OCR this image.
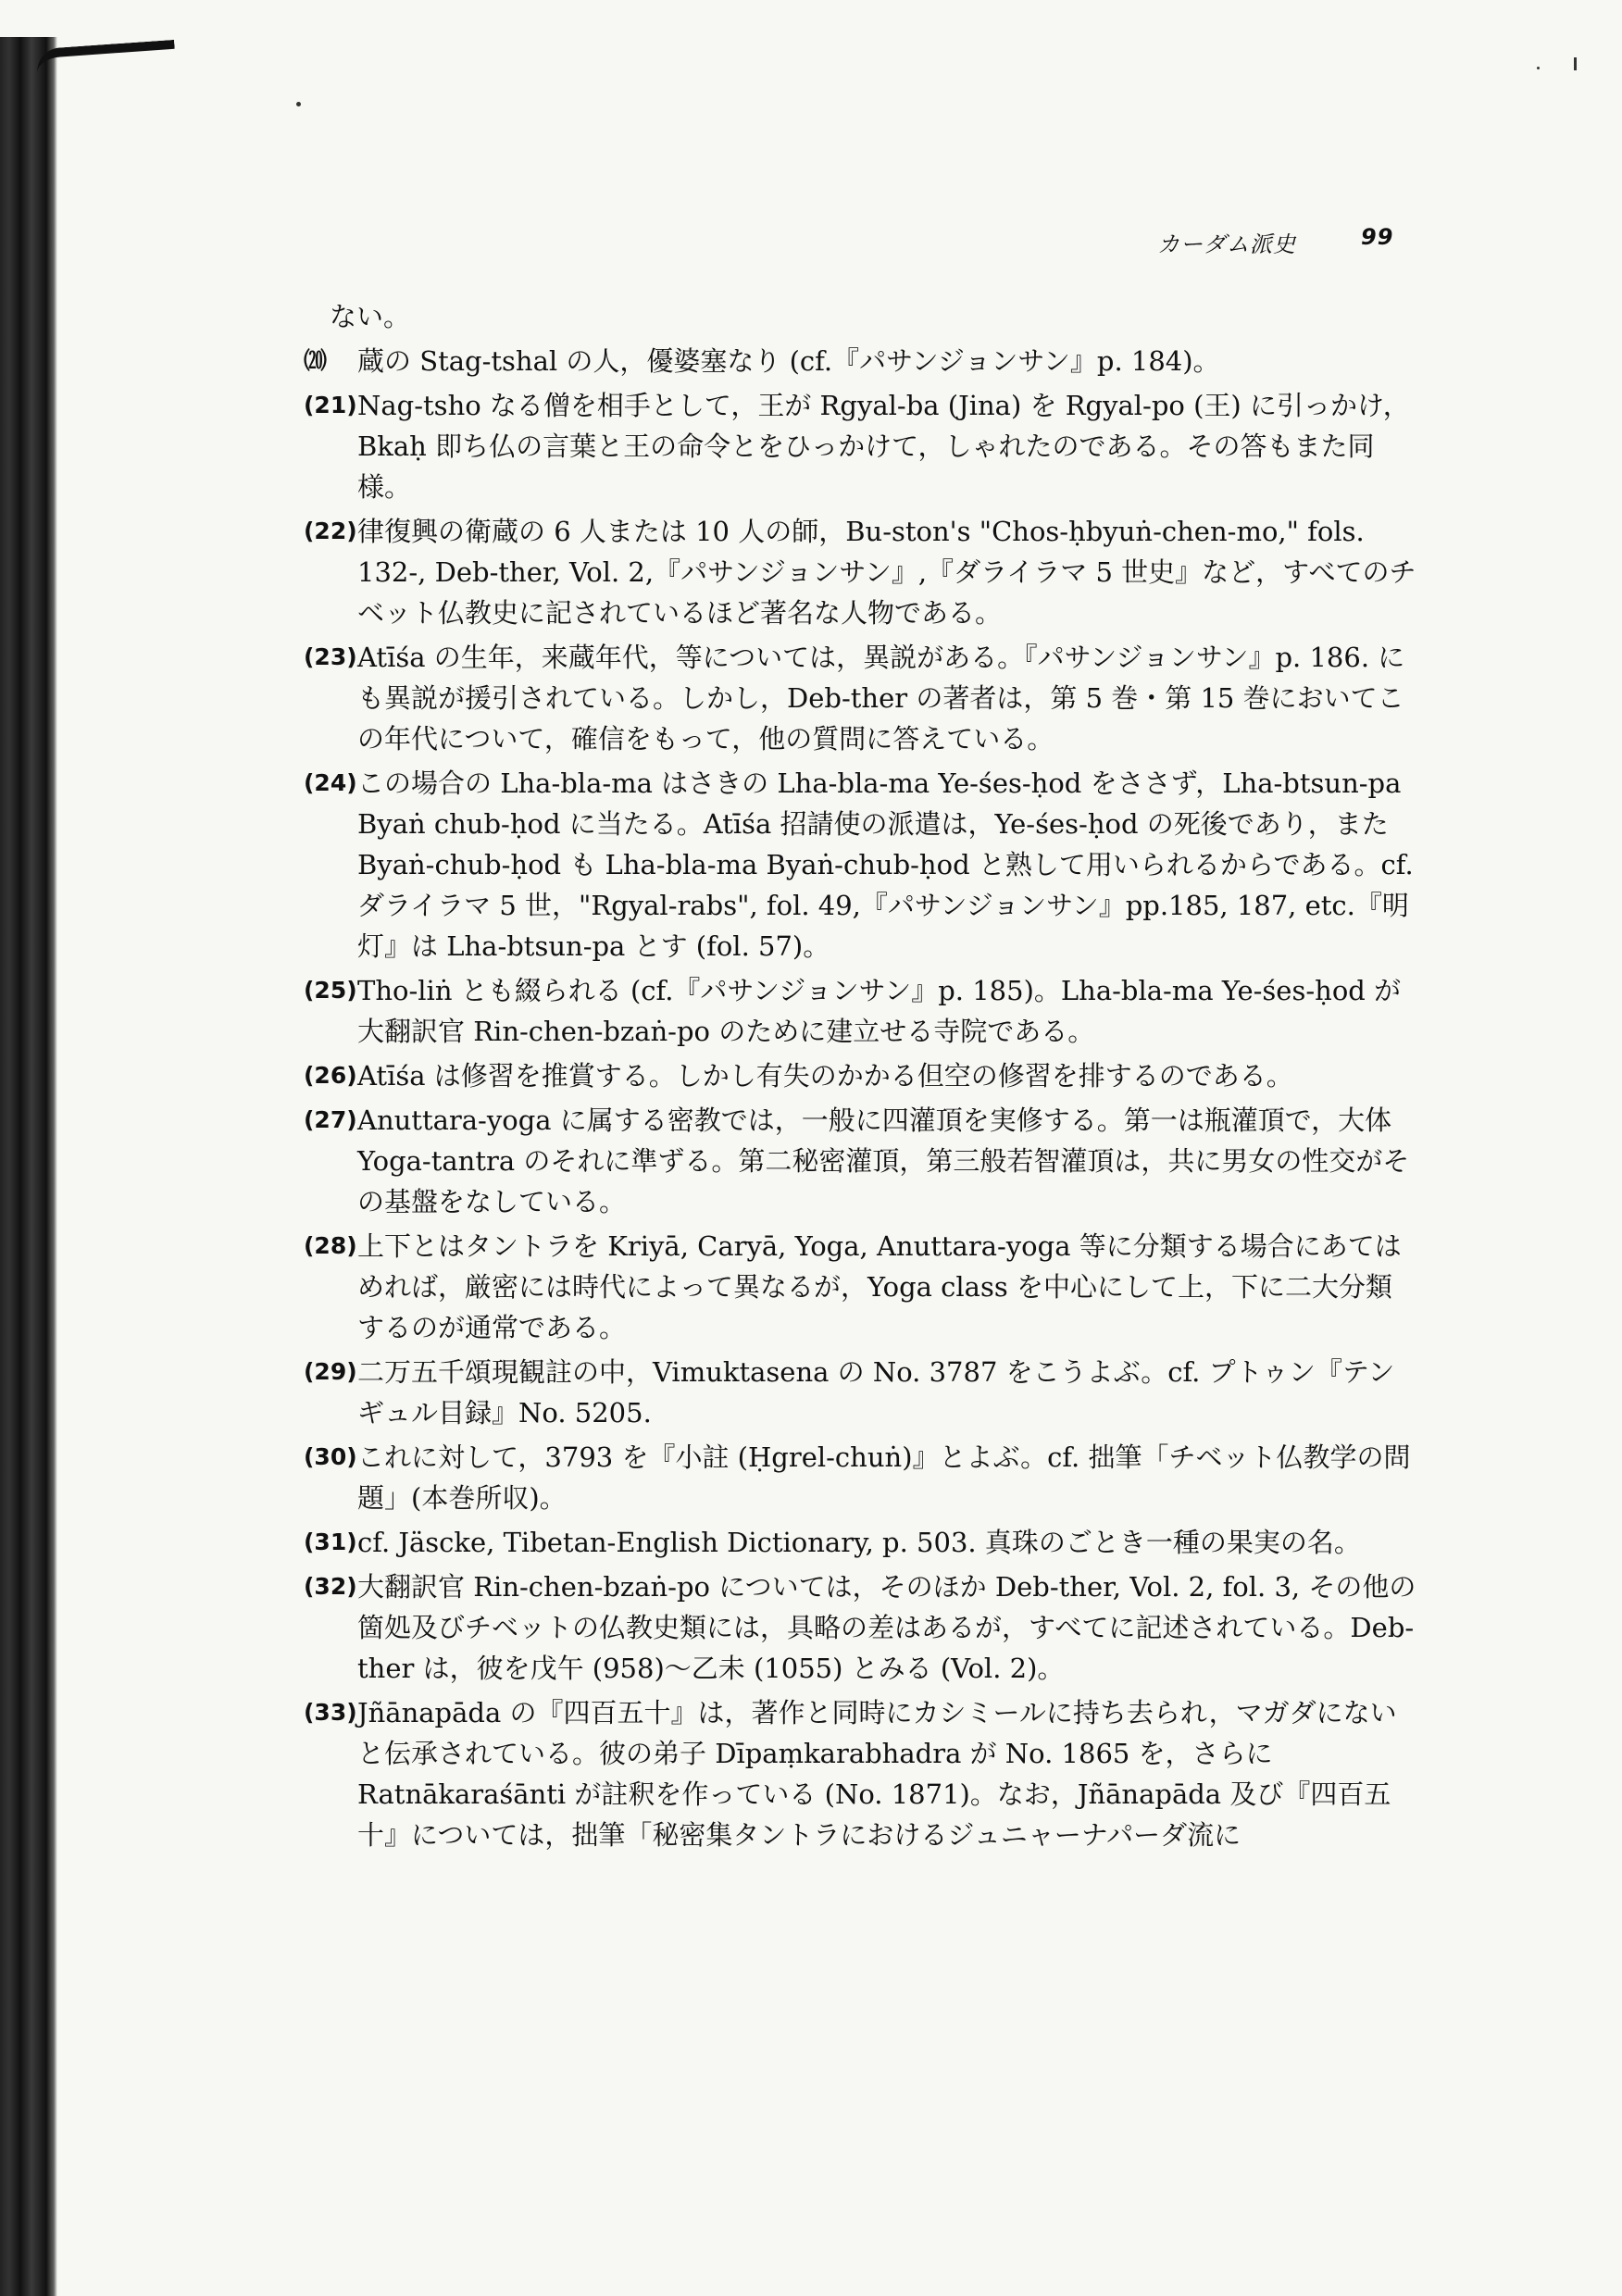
カーダム派史	99
ない。
⒇ 蔵の Stag-tshal の人，優婆塞なり (cf.『パサンジョンサン』p. 184)。
(21) Nag-tsho なる僧を相手として，王が Rgyal-ba (Jina) を Rgyal-po (王) に引っかけ，Bkaḥ 即ち仏の言葉と王の命令とをひっかけて，しゃれたのである。その答もまた同様。
(22) 律復興の衛蔵の 6 人または 10 人の師，Bu-ston's "Chos-ḥbyuṅ-chen-mo," fols. 132-, Deb-ther, Vol. 2,『パサンジョンサン』,『ダライラマ 5 世史』など，すべてのチベット仏教史に記されているほど著名な人物である。
(23) Atīśa の生年，来蔵年代，等については，異説がある。『パサンジョンサン』p. 186. にも異説が援引されている。しかし，Deb-ther の著者は，第 5 巻・第 15 巻においてこの年代について，確信をもって，他の質問に答えている。
(24) この場合の Lha-bla-ma はさきの Lha-bla-ma Ye-śes-ḥod をささず，Lha-btsun-pa Byaṅ chub-ḥod に当たる。Atīśa 招請使の派遣は，Ye-śes-ḥod の死後であり，また Byaṅ-chub-ḥod も Lha-bla-ma Byaṅ-chub-ḥod と熟して用いられるからである。cf. ダライラマ 5 世，"Rgyal-rabs", fol. 49,『パサンジョンサン』pp.185, 187, etc.『明灯』は Lha-btsun-pa とす (fol. 57)。
(25) Tho-liṅ とも綴られる (cf.『パサンジョンサン』p. 185)。Lha-bla-ma Ye-śes-ḥod が大翻訳官 Rin-chen-bzaṅ-po のために建立せる寺院である。
(26) Atīśa は修習を推賞する。しかし有失のかかる但空の修習を排するのである。
(27) Anuttara-yoga に属する密教では，一般に四灌頂を実修する。第一は瓶灌頂で，大体 Yoga-tantra のそれに準ずる。第二秘密灌頂，第三般若智灌頂は，共に男女の性交がその基盤をなしている。
(28) 上下とはタントラを Kriyā, Caryā, Yoga, Anuttara-yoga 等に分類する場合にあてはめれば，厳密には時代によって異なるが，Yoga class を中心にして上，下に二大分類するのが通常である。
(29) 二万五千頌現観註の中，Vimuktasena の No. 3787 をこうよぶ。cf. プトゥン『テンギュル目録』No. 5205.
(30) これに対して，3793 を『小註 (Ḥgrel-chuṅ)』とよぶ。cf. 拙筆「チベット仏教学の問題」(本巻所収)。
(31) cf. Jäscke, Tibetan-English Dictionary, p. 503. 真珠のごとき一種の果実の名。
(32) 大翻訳官 Rin-chen-bzaṅ-po については，そのほか Deb-ther, Vol. 2, fol. 3, その他の箇処及びチベットの仏教史類には，具略の差はあるが，すべてに記述されている。Deb-ther は，彼を戊午 (958)〜乙未 (1055) とみる (Vol. 2)。
(33) Jñānapāda の『四百五十』は，著作と同時にカシミールに持ち去られ，マガダにないと伝承されている。彼の弟子 Dīpaṃkarabhadra が No. 1865 を，さらに Ratnākaraśānti が註釈を作っている (No. 1871)。なお，Jñānapāda 及び『四百五十』については，拙筆「秘密集タントラにおけるジュニャーナパーダ流に
